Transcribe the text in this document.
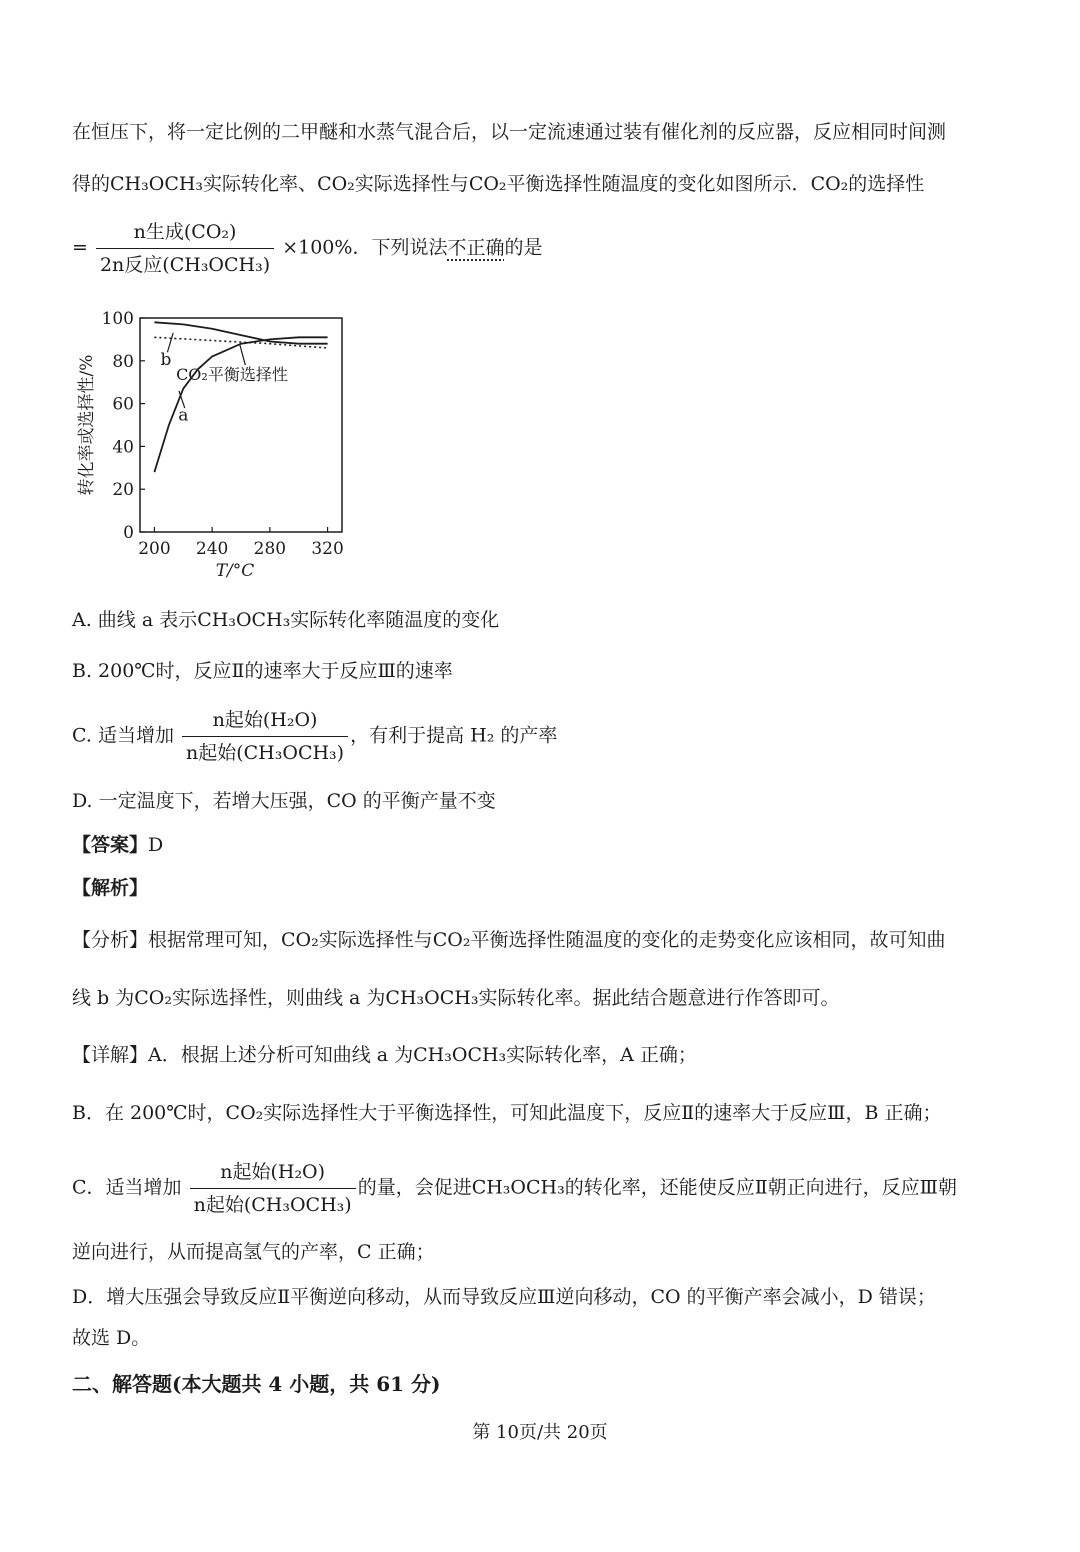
在恒压下，将一定比例的二甲醚和水蒸气混合后，以一定流速通过装有催化剂的反应器，反应相同时间测
得的CH₃OCH₃实际转化率、CO₂实际选择性与CO₂平衡选择性随温度的变化如图所示．CO₂的选择性
= $\frac{\text{n生成(CO₂)}}{\text{2n反应(CH₃OCH₃)}} \times 100\%$．下列说法不正确的是
0
20
40
60
80
100
200 240 280 320
b
a
CO₂平衡选择性
转化率或选择性/%
T/°C
A. 曲线 a 表示CH₃OCH₃实际转化率随温度的变化
B. 200℃时，反应Ⅱ的速率大于反应Ⅲ的速率
C. 适当增加 $\frac{\text{n起始(H₂O)}}{\text{n起始(CH₃OCH₃)}}$ ，有利于提高 H₂ 的产率
D. 一定温度下，若增大压强，CO 的平衡产量不变
【答案】D
【解析】
【分析】根据常理可知，CO₂实际选择性与CO₂平衡选择性随温度的变化的走势变化应该相同，故可知曲
线 b 为CO₂实际选择性，则曲线 a 为CH₃OCH₃实际转化率。据此结合题意进行作答即可。
【详解】A．根据上述分析可知曲线 a 为CH₃OCH₃实际转化率，A 正确；
B．在 200℃时，CO₂实际选择性大于平衡选择性，可知此温度下，反应Ⅱ的速率大于反应Ⅲ，B 正确；
C．适当增加 $\frac{\text{n起始(H₂O)}}{\text{n起始(CH₃OCH₃)}}$ 的量，会促进CH₃OCH₃的转化率，还能使反应Ⅱ朝正向进行，反应Ⅲ朝
逆向进行，从而提高氢气的产率，C 正确；
D．增大压强会导致反应Ⅱ平衡逆向移动，从而导致反应Ⅲ逆向移动，CO 的平衡产率会减小，D 错误；
故选 D。
二、解答题(本大题共 4 小题，共 61 分)
第 10页/共 20页
